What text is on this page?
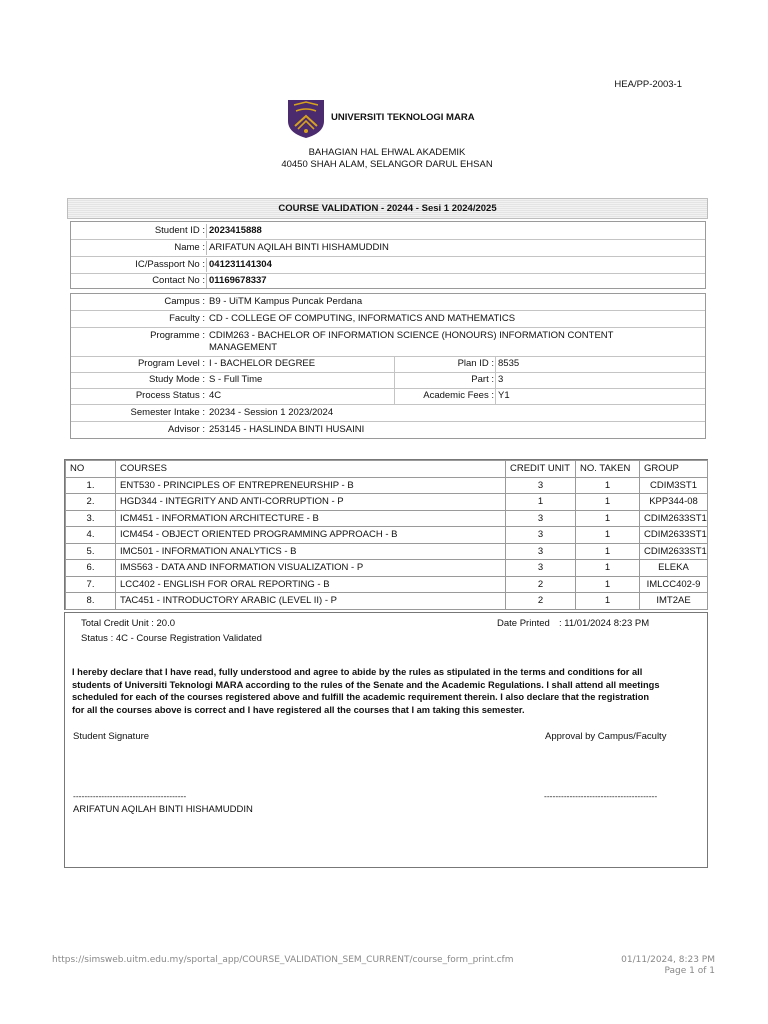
HEA/PP-2003-1
UNIVERSITI TEKNOLOGI MARA
BAHAGIAN HAL EHWAL AKADEMIK
40450 SHAH ALAM, SELANGOR DARUL EHSAN
COURSE VALIDATION - 20244 - Sesi 1 2024/2025
Student ID : 2023415888
Name : ARIFATUN AQILAH BINTI HISHAMUDDIN
IC/Passport No : 041231141304
Contact No : 01169678337
Campus : B9 - UiTM Kampus Puncak Perdana
Faculty : CD - COLLEGE OF COMPUTING, INFORMATICS AND MATHEMATICS
Programme : CDIM263 - BACHELOR OF INFORMATION SCIENCE (HONOURS) INFORMATION CONTENT
MANAGEMENT
Program Level : I - BACHELOR DEGREE	Plan ID : 8535
Study Mode : S - Full Time	Part : 3
Process Status : 4C	Academic Fees : Y1
Semester Intake : 20234 - Session 1 2023/2024
Advisor : 253145 - HASLINDA BINTI HUSAINI
NO	COURSES	CREDIT UNIT	NO. TAKEN	GROUP
1.	ENT530 - PRINCIPLES OF ENTREPRENEURSHIP - B	3	1	CDIM3ST1
2.	HGD344 - INTEGRITY AND ANTI-CORRUPTION - P	1	1	KPP344-08
3.	ICM451 - INFORMATION ARCHITECTURE - B	3	1	CDIM2633ST1
4.	ICM454 - OBJECT ORIENTED PROGRAMMING APPROACH - B	3	1	CDIM2633ST1
5.	IMC501 - INFORMATION ANALYTICS - B	3	1	CDIM2633ST1
6.	IMS563 - DATA AND INFORMATION VISUALIZATION - P	3	1	ELEKA
7.	LCC402 - ENGLISH FOR ORAL REPORTING - B	2	1	IMLCC402-9
8.	TAC451 - INTRODUCTORY ARABIC (LEVEL II) - P	2	1	IMT2AE
Total Credit Unit : 20.0	Date Printed : 11/01/2024 8:23 PM
Status : 4C - Course Registration Validated
I hereby declare that I have read, fully understood and agree to abide by the rules as stipulated in the terms and conditions for all
students of Universiti Teknologi MARA according to the rules of the Senate and the Academic Regulations. I shall attend all meetings
scheduled for each of the courses registered above and fulfill the academic requirement therein. I also declare that the registration
for all the courses above is correct and I have registered all the courses that I am taking this semester.
Student Signature	Approval by Campus/Faculty
----------------------------------------	----------------------------------------
ARIFATUN AQILAH BINTI HISHAMUDDIN
https://simsweb.uitm.edu.my/sportal_app/COURSE_VALIDATION_SEM_CURRENT/course_form_print.cfm	01/11/2024, 8:23 PM
Page 1 of 1
